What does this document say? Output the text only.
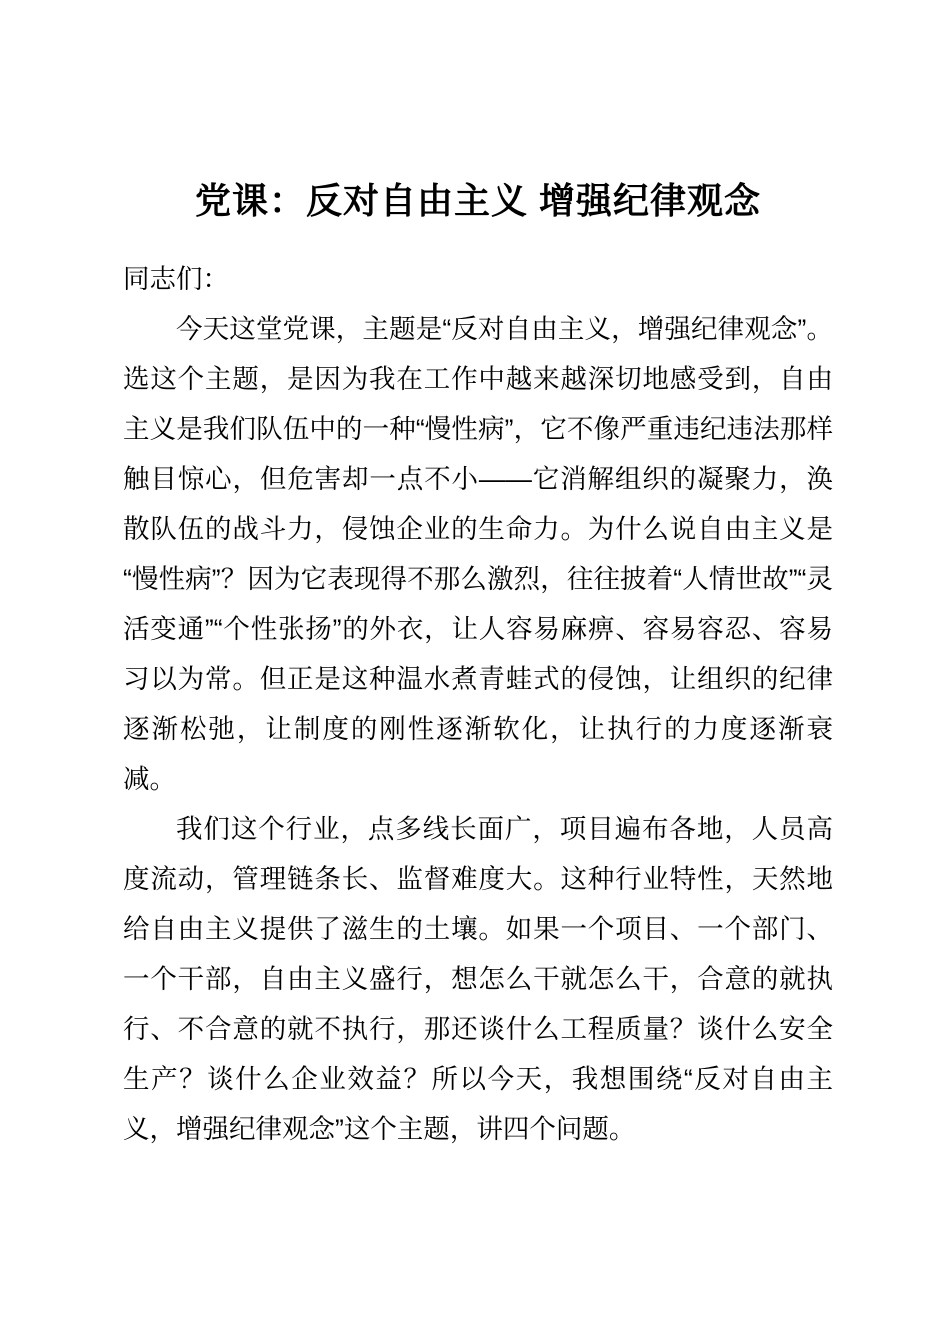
党课：反对自由主义 增强纪律观念

同志们：

今天这堂党课，主题是“反对自由主义，增强纪律观念”。选这个主题，是因为我在工作中越来越深切地感受到，自由主义是我们队伍中的一种“慢性病”，它不像严重违纪违法那样触目惊心，但危害却一点不小——它消解组织的凝聚力，涣散队伍的战斗力，侵蚀企业的生命力。为什么说自由主义是“慢性病”？因为它表现得不那么激烈，往往披着“人情世故”“灵活变通”“个性张扬”的外衣，让人容易麻痹、容易容忍、容易习以为常。但正是这种温水煮青蛙式的侵蚀，让组织的纪律逐渐松弛，让制度的刚性逐渐软化，让执行的力度逐渐衰减。

我们这个行业，点多线长面广，项目遍布各地，人员高度流动，管理链条长、监督难度大。这种行业特性，天然地给自由主义提供了滋生的土壤。如果一个项目、一个部门、一个干部，自由主义盛行，想怎么干就怎么干，合意的就执行、不合意的就不执行，那还谈什么工程质量？谈什么安全生产？谈什么企业效益？所以今天，我想围绕“反对自由主义，增强纪律观念”这个主题，讲四个问题。
